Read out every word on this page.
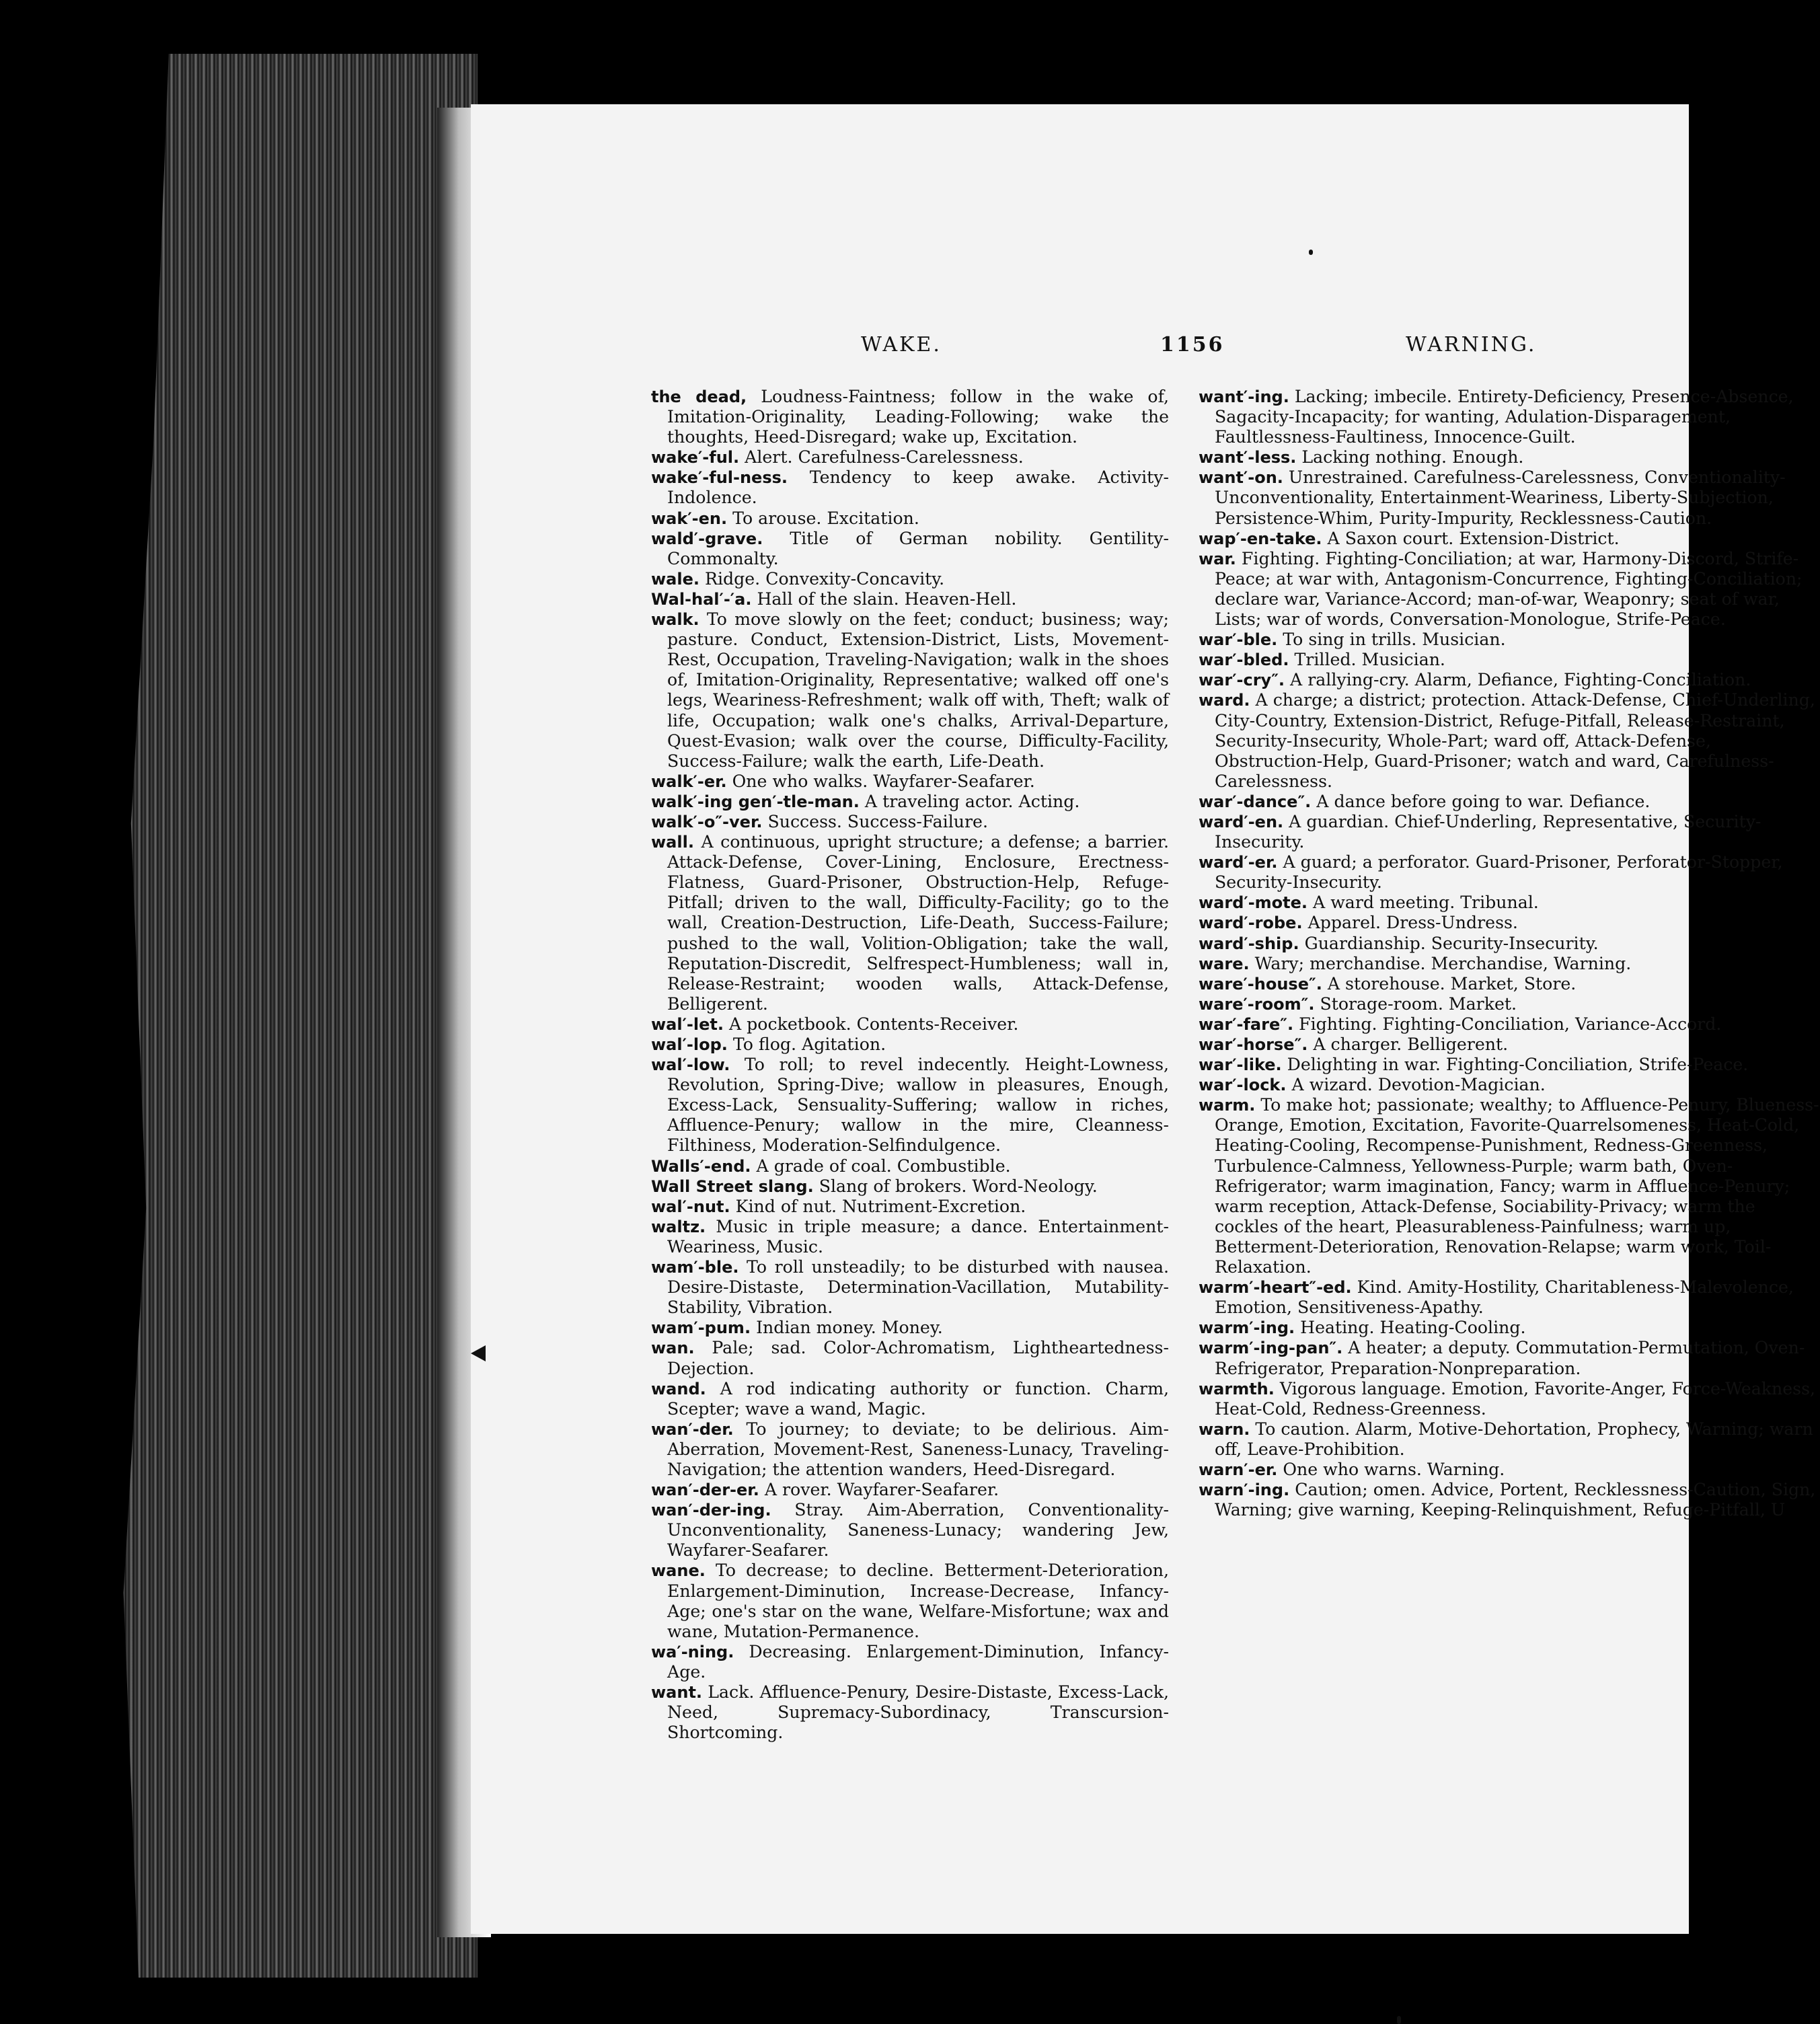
WAKE.	1156	WARNING.

the dead, Loudness-Faintness; follow in the wake of, Imitation-Originality, Leading-Following; wake the thoughts, Heed-Disregard; wake up, Excitation.

wake′-ful. Alert. Carefulness-Carelessness.

wake′-ful-ness. Tendency to keep awake. Activity-Indolence.

wak′-en. To arouse. Excitation.

wald′-grave. Title of German nobility. Gentility-Commonalty.

wale. Ridge. Convexity-Concavity.

Wal-hal′-′a. Hall of the slain. Heaven-Hell.

walk. To move slowly on the feet; conduct; business; way; pasture. Conduct, Extension-District, Lists, Movement-Rest, Occupation, Traveling-Navigation; walk in the shoes of, Imitation-Originality, Representative; walked off one's legs, Weariness-Refreshment; walk off with, Theft; walk of life, Occupation; walk one's chalks, Arrival-Departure, Quest-Evasion; walk over the course, Difficulty-Facility, Success-Failure; walk the earth, Life-Death.

walk′-er. One who walks. Wayfarer-Seafarer.

walk′-ing gen′-tle-man. A traveling actor. Acting.

walk′-o″-ver. Success. Success-Failure.

wall. A continuous, upright structure; a defense; a barrier. Attack-Defense, Cover-Lining, Enclosure, Erectness-Flatness, Guard-Prisoner, Obstruction-Help, Refuge-Pitfall; driven to the wall, Difficulty-Facility; go to the wall, Creation-Destruction, Life-Death, Success-Failure; pushed to the wall, Volition-Obligation; take the wall, Reputation-Discredit, Selfrespect-Humbleness; wall in, Release-Restraint; wooden walls, Attack-Defense, Belligerent.

wal′-let. A pocketbook. Contents-Receiver.

wal′-lop. To flog. Agitation.

wal′-low. To roll; to revel indecently. Height-Lowness, Revolution, Spring-Dive; wallow in pleasures, Enough, Excess-Lack, Sensuality-Suffering; wallow in riches, Affluence-Penury; wallow in the mire, Cleanness-Filthiness, Moderation-Selfindulgence.

Walls′-end. A grade of coal. Combustible.

Wall Street slang. Slang of brokers. Word-Neology.

wal′-nut. Kind of nut. Nutriment-Excretion.

waltz. Music in triple measure; a dance. Entertainment-Weariness, Music.

wam′-ble. To roll unsteadily; to be disturbed with nausea. Desire-Distaste, Determination-Vacillation, Mutability-Stability, Vibration.

wam′-pum. Indian money. Money.

wan. Pale; sad. Color-Achromatism, Lightheartedness-Dejection.

wand. A rod indicating authority or function. Charm, Scepter; wave a wand, Magic.

wan′-der. To journey; to deviate; to be delirious. Aim-Aberration, Movement-Rest, Saneness-Lunacy, Traveling-Navigation; the attention wanders, Heed-Disregard.

wan′-der-er. A rover. Wayfarer-Seafarer.

wan′-der-ing. Stray. Aim-Aberration, Conventionality-Unconventionality, Saneness-Lunacy; wandering Jew, Wayfarer-Seafarer.

wane. To decrease; to decline. Betterment-Deterioration, Enlargement-Diminution, Increase-Decrease, Infancy-Age; one's star on the wane, Welfare-Misfortune; wax and wane, Mutation-Permanence.

wa′-ning. Decreasing. Enlargement-Diminution, Infancy-Age.

want. Lack. Affluence-Penury, Desire-Distaste, Excess-Lack, Need, Supremacy-Subordinacy, Transcursion-Shortcoming.

want′-ing. Lacking; imbecile. Entirety-Deficiency, Presence-Absence, Sagacity-Incapacity; for wanting, Adulation-Disparagement, Faultlessness-Faultiness, Innocence-Guilt.

want′-less. Lacking nothing. Enough.

want′-on. Unrestrained. Carefulness-Carelessness, Conventionality-Unconventionality, Entertainment-Weariness, Liberty-Subjection, Persistence-Whim, Purity-Impurity, Recklessness-Caution.

wap′-en-take. A Saxon court. Extension-District.

war. Fighting. Fighting-Conciliation; at war, Harmony-Discord, Strife-Peace; at war with, Antagonism-Concurrence, Fighting-Conciliation; declare war, Variance-Accord; man-of-war, Weaponry; seat of war, Lists; war of words, Conversation-Monologue, Strife-Peace.

war′-ble. To sing in trills. Musician.

war′-bled. Trilled. Musician.

war′-cry″. A rallying-cry. Alarm, Defiance, Fighting-Conciliation.

ward. A charge; a district; protection. Attack-Defense, Chief-Underling, City-Country, Extension-District, Refuge-Pitfall, Release-Restraint, Security-Insecurity, Whole-Part; ward off, Attack-Defense, Obstruction-Help, Guard-Prisoner; watch and ward, Carefulness-Carelessness.

war′-dance″. A dance before going to war. Defiance.

ward′-en. A guardian. Chief-Underling, Representative, Security-Insecurity.

ward′-er. A guard; a perforator. Guard-Prisoner, Perforator-Stopper, Security-Insecurity.

ward′-mote. A ward meeting. Tribunal.

ward′-robe. Apparel. Dress-Undress.

ward′-ship. Guardianship. Security-Insecurity.

ware. Wary; merchandise. Merchandise, Warning.

ware′-house″. A storehouse. Market, Store.

ware′-room″. Storage-room. Market.

war′-fare″. Fighting. Fighting-Conciliation, Variance-Accord.

war′-horse″. A charger. Belligerent.

war′-like. Delighting in war. Fighting-Conciliation, Strife-Peace.

war′-lock. A wizard. Devotion-Magician.

warm. To make hot; passionate; wealthy; to Affluence-Penury, Blueness-Orange, Emotion, Excitation, Favorite-Quarrelsomeness, Heat-Cold, Heating-Cooling, Recompense-Punishment, Redness-Greenness, Turbulence-Calmness, Yellowness-Purple; warm bath, Oven-Refrigerator; warm imagination, Fancy; warm in Affluence-Penury; warm reception, Attack-Defense, Sociability-Privacy; warm the cockles of the heart, Pleasurableness-Painfulness; warm up, Betterment-Deterioration, Renovation-Relapse; warm work, Toil-Relaxation.

warm′-heart″-ed. Kind. Amity-Hostility, Charitableness-Malevolence, Emotion, Sensitiveness-Apathy.

warm′-ing. Heating. Heating-Cooling.

warm′-ing-pan″. A heater; a deputy. Commutation-Permutation, Oven-Refrigerator, Preparation-Nonpreparation.

warmth. Vigorous language. Emotion, Favorite-Anger, Force-Weakness, Heat-Cold, Redness-Greenness.

warn. To caution. Alarm, Motive-Dehortation, Prophecy, Warning; warn off, Leave-Prohibition.

warn′-er. One who warns. Warning.

warn′-ing. Caution; omen. Advice, Portent, Recklessness-Caution, Sign, Warning; give warning, Keeping-Relinquishment, Refuge-Pitfall, U
